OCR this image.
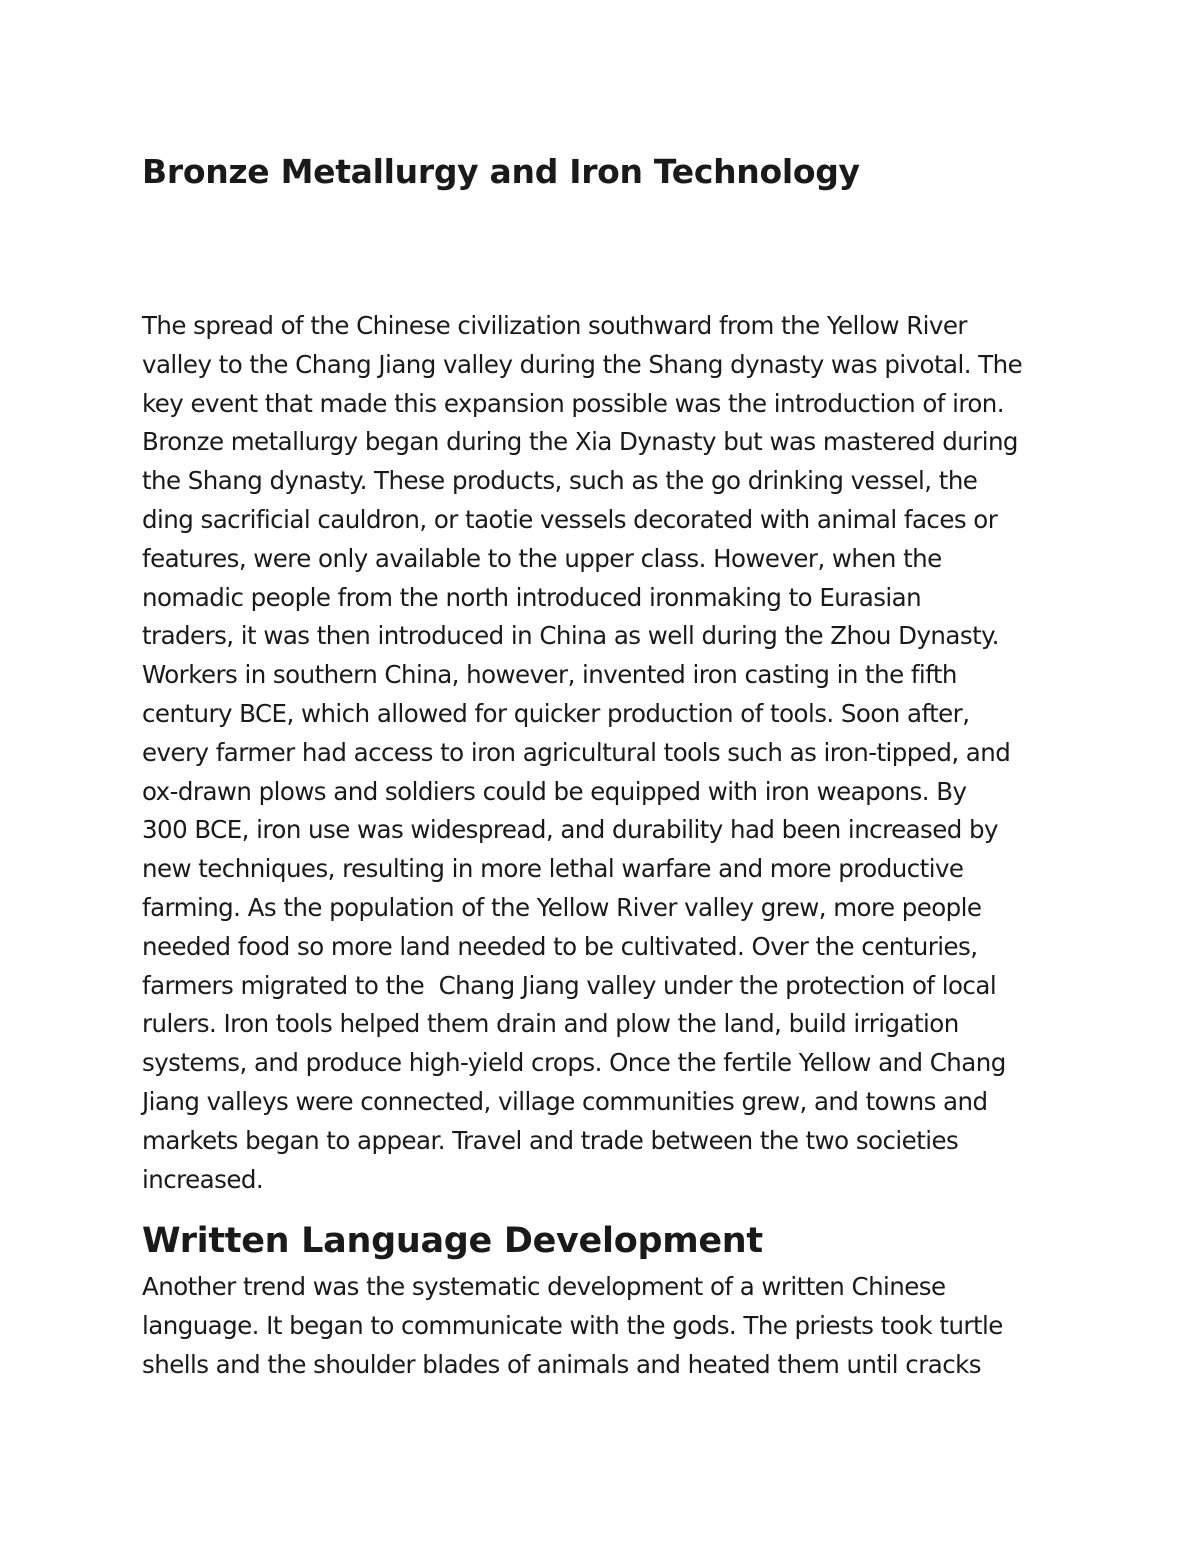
Bronze Metallurgy and Iron Technology
The spread of the Chinese civilization southward from the Yellow River
valley to the Chang Jiang valley during the Shang dynasty was pivotal. The
key event that made this expansion possible was the introduction of iron.
Bronze metallurgy began during the Xia Dynasty but was mastered during
the Shang dynasty. These products, such as the go drinking vessel, the
ding sacrificial cauldron, or taotie vessels decorated with animal faces or
features, were only available to the upper class. However, when the
nomadic people from the north introduced ironmaking to Eurasian
traders, it was then introduced in China as well during the Zhou Dynasty.
Workers in southern China, however, invented iron casting in the fifth
century BCE, which allowed for quicker production of tools. Soon after,
every farmer had access to iron agricultural tools such as iron-tipped, and
ox-drawn plows and soldiers could be equipped with iron weapons. By
300 BCE, iron use was widespread, and durability had been increased by
new techniques, resulting in more lethal warfare and more productive
farming. As the population of the Yellow River valley grew, more people
needed food so more land needed to be cultivated. Over the centuries,
farmers migrated to the  Chang Jiang valley under the protection of local
rulers. Iron tools helped them drain and plow the land, build irrigation
systems, and produce high-yield crops. Once the fertile Yellow and Chang
Jiang valleys were connected, village communities grew, and towns and
markets began to appear. Travel and trade between the two societies
increased.
Written Language Development
Another trend was the systematic development of a written Chinese
language. It began to communicate with the gods. The priests took turtle
shells and the shoulder blades of animals and heated them until cracks
